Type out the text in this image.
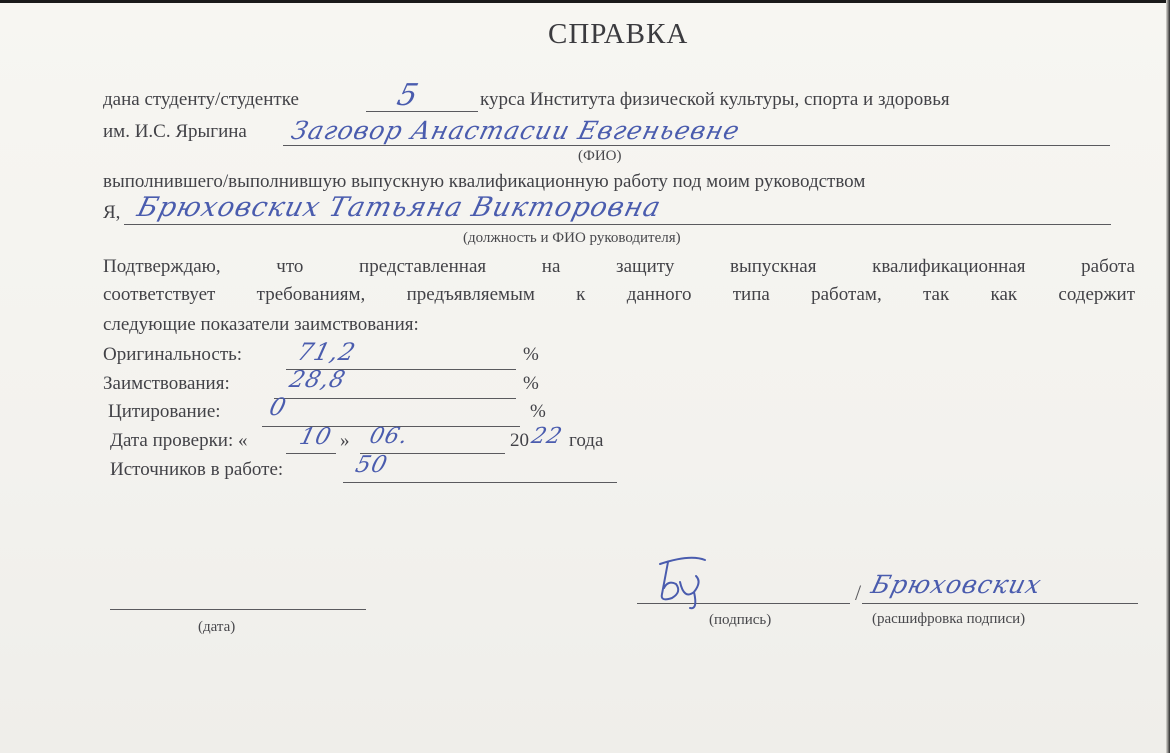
СПРАВКА
дана студенту/студентке	5	курса Института физической культуры, спорта и здоровья
им. И.С. Ярыгина Заговор Анастасии Евгеньевне
(ФИО)
выполнившего/выполнившую выпускную квалификационную работу под моим руководством
Я, Брюховских Татьяна Викторовна
(должность и ФИО руководителя)
Подтверждаю, что представленная на защиту выпускная квалификационная работа
соответствует требованиям, предъявляемым к данного типа работам, так как содержит
следующие показатели заимствования:
Оригинальность: 71,2	%
Заимствования: 28,8	%
Цитирование: 0	%
Дата проверки: « 10 » 06.	20 22 года
Источников в работе:	50
(дата)	(подпись)
/ Брюховских
(расшифровка подписи)
